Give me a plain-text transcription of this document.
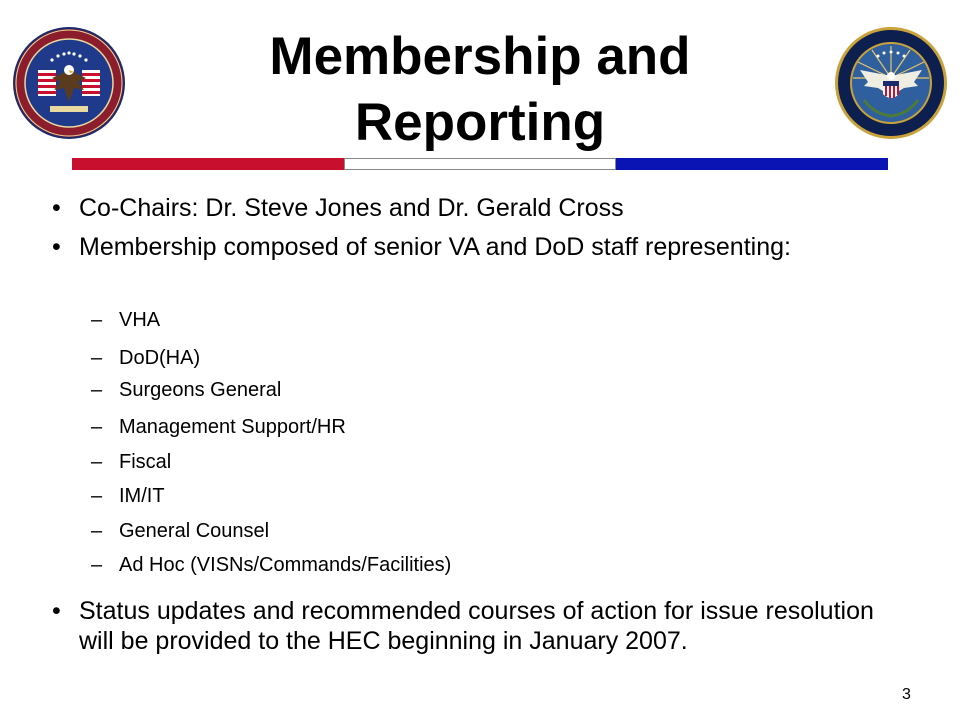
Membership and
Reporting
• Co-Chairs: Dr. Steve Jones and Dr. Gerald Cross
• Membership composed of senior VA and DoD staff representing:
– VHA
– DoD(HA)
– Surgeons General
– Management Support/HR
– Fiscal
– IM/IT
– General Counsel
– Ad Hoc (VISNs/Commands/Facilities)
• Status updates and recommended courses of action for issue resolution will be provided to the HEC beginning in January 2007.
3
